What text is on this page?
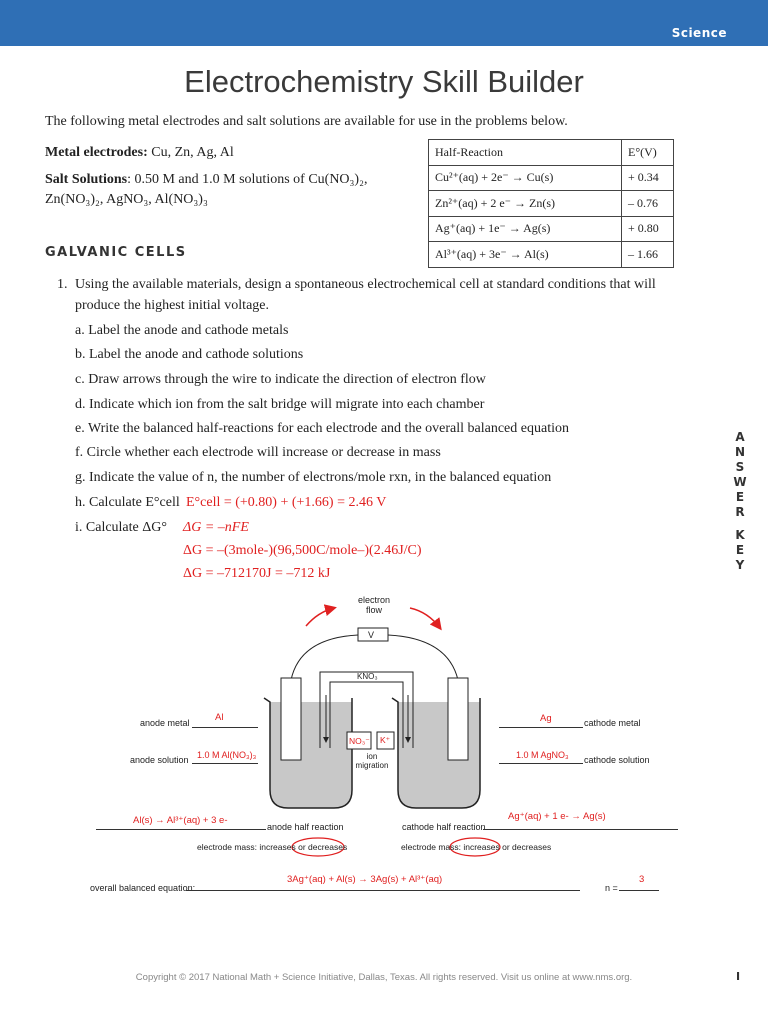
Science
Electrochemistry Skill Builder
The following metal electrodes and salt solutions are available for use in the problems below.
Metal electrodes: Cu, Zn, Ag, Al
Salt Solutions: 0.50 M and 1.0 M solutions of Cu(NO₃)₂,
Zn(NO₃)₂, AgNO₃, Al(NO₃)₃
Half-Reaction	E°(V)
Cu²⁺(aq) + 2e⁻ → Cu(s)	+ 0.34
Zn²⁺(aq) + 2 e⁻ → Zn(s)	– 0.76
Ag⁺(aq) + 1e⁻ → Ag(s)	+ 0.80
Al³⁺(aq) + 3e⁻ → Al(s)	– 1.66
GALVANIC CELLS
1. Using the available materials, design a spontaneous electrochemical cell at standard conditions that will
produce the highest initial voltage.
a. Label the anode and cathode metals
b. Label the anode and cathode solutions
c. Draw arrows through the wire to indicate the direction of electron flow
d. Indicate which ion from the salt bridge will migrate into each chamber
e. Write the balanced half-reactions for each electrode and the overall balanced equation
f. Circle whether each electrode will increase or decrease in mass
g. Indicate the value of n, the number of electrons/mole rxn, in the balanced equation
h. Calculate E°cell E°cell = (+0.80) + (+1.66) = 2.46 V
i. Calculate ΔG° ΔG = –nFE
ΔG = –(3mole-)(96,500C/mole–)(2.46J/C)
ΔG = –712170J = –712 kJ
A
N
S
W
E
R
K
E
Y
electron
flow
V
KNO₃
NO₃⁻ K⁺
ion
migration
anode metal	Al
anode solution 1.0 M Al(NO₃)₃
Ag	cathode metal
1.0 M AgNO₃ cathode solution
Al(s) → Al³⁺(aq) + 3 e-
anode half reaction	cathode half reaction
Ag⁺(aq) + 1 e- → Ag(s)
electrode mass: increases or decreases	electrode mass: increases or decreases
overall balanced equation:
3Ag⁺(aq) + Al(s) → 3Ag(s) + Al³⁺(aq)
n =
3
Copyright © 2017 National Math + Science Initiative, Dallas, Texas. All rights reserved. Visit us online at www.nms.org.	I
